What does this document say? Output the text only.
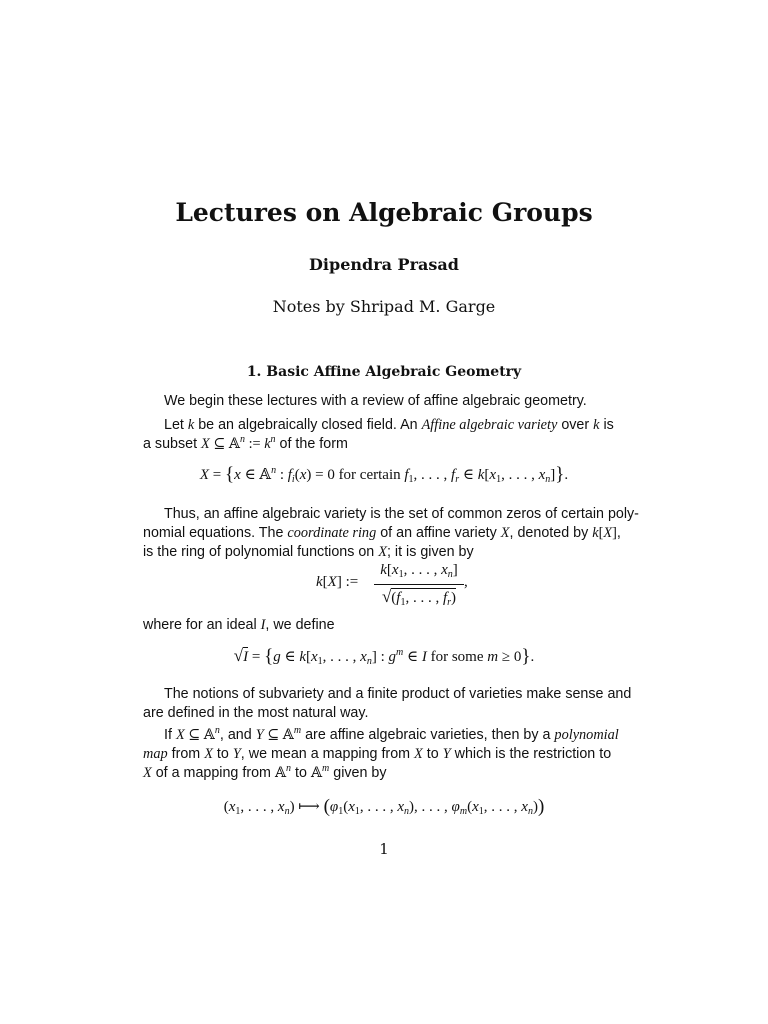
Lectures on Algebraic Groups
Dipendra Prasad
Notes by Shripad M. Garge
1. Basic Affine Algebraic Geometry
We begin these lectures with a review of affine algebraic geometry.
Let k be an algebraically closed field. An Affine algebraic variety over k is
a subset X ⊆ 𝔸$^n$ := $k^n$ of the form
X = {x ∈ 𝔸$^n$ : $f_i(x) = 0$ for certain $f_1$, . . . , $f_r$ ∈ $k[x_1$, . . . , $x_n$]}.
Thus, an affine algebraic variety is the set of common zeros of certain poly-
nomial equations. The coordinate ring of an affine variety X, denoted by k[X],
is the ring of polynomial functions on X; it is given by
k[X] :=
$k[x_1$, . . . , $x_n$]
$√(f_1$, . . . , $f_r$)
,
where for an ideal I, we define
√I = {g ∈ $k[x_1$, . . . , $x_n$] : $g^m$ ∈ I for some m ≥ 0}.
The notions of subvariety and a finite product of varieties make sense and
are defined in the most natural way.
If X ⊆ 𝔸$^n$, and Y ⊆ 𝔸$^m$ are affine algebraic varieties, then by a polynomial
map from X to Y, we mean a mapping from X to Y which is the restriction to
X of a mapping from 𝔸$^n$ to 𝔸$^m$ given by
($x_1$, . . . , $x_n$) ⟼ ($\varphi_1(x_1$, . . . , $x_n$), . . . , $\varphi_m(x_1$, . . . , $x_n$))
1
